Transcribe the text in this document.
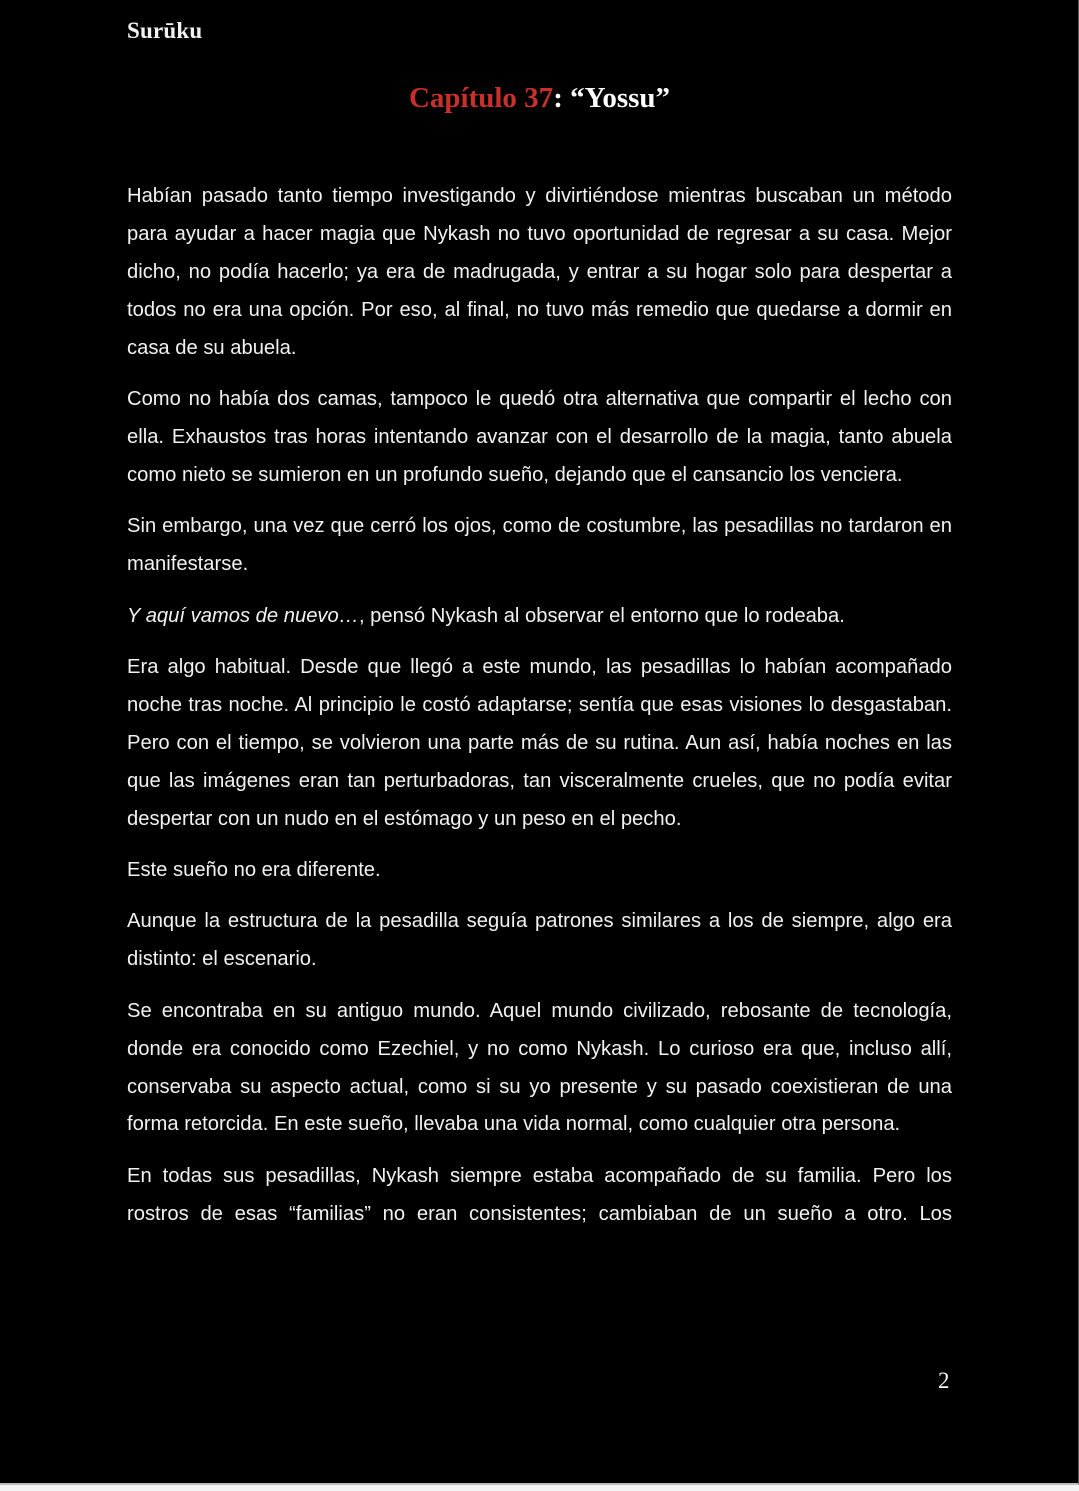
Surūku
Capítulo 37: “Yossu”

Habían pasado tanto tiempo investigando y divirtiéndose mientras buscaban un método para ayudar a hacer magia que Nykash no tuvo oportunidad de regresar a su casa. Mejor dicho, no podía hacerlo; ya era de madrugada, y entrar a su hogar solo para despertar a todos no era una opción. Por eso, al final, no tuvo más remedio que quedarse a dormir en casa de su abuela.

Como no había dos camas, tampoco le quedó otra alternativa que compartir el lecho con ella. Exhaustos tras horas intentando avanzar con el desarrollo de la magia, tanto abuela como nieto se sumieron en un profundo sueño, dejando que el cansancio los venciera.

Sin embargo, una vez que cerró los ojos, como de costumbre, las pesadillas no tardaron en manifestarse.

Y aquí vamos de nuevo…, pensó Nykash al observar el entorno que lo rodeaba.

Era algo habitual. Desde que llegó a este mundo, las pesadillas lo habían acompañado noche tras noche. Al principio le costó adaptarse; sentía que esas visiones lo desgastaban. Pero con el tiempo, se volvieron una parte más de su rutina. Aun así, había noches en las que las imágenes eran tan perturbadoras, tan visceralmente crueles, que no podía evitar despertar con un nudo en el estómago y un peso en el pecho.

Este sueño no era diferente.

Aunque la estructura de la pesadilla seguía patrones similares a los de siempre, algo era distinto: el escenario.

Se encontraba en su antiguo mundo. Aquel mundo civilizado, rebosante de tecnología, donde era conocido como Ezechiel, y no como Nykash. Lo curioso era que, incluso allí, conservaba su aspecto actual, como si su yo presente y su pasado coexistieran de una forma retorcida. En este sueño, llevaba una vida normal, como cualquier otra persona.

En todas sus pesadillas, Nykash siempre estaba acompañado de su familia. Pero los rostros de esas “familias” no eran consistentes; cambiaban de un sueño a otro. Los

2
